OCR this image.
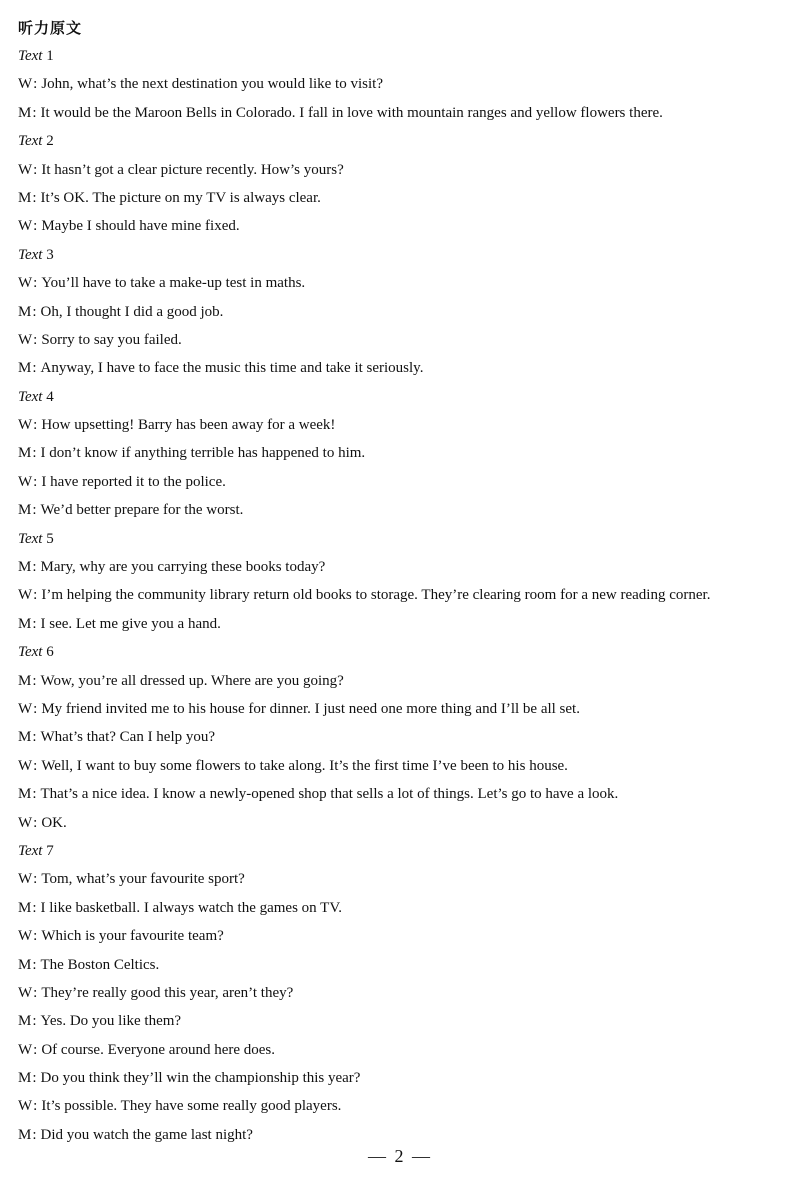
听力原文
Text 1
W: John, what’s the next destination you would like to visit?
M: It would be the Maroon Bells in Colorado. I fall in love with mountain ranges and yellow flowers there.
Text 2
W: It hasn’t got a clear picture recently. How’s yours?
M: It’s OK. The picture on my TV is always clear.
W: Maybe I should have mine fixed.
Text 3
W: You’ll have to take a make-up test in maths.
M: Oh, I thought I did a good job.
W: Sorry to say you failed.
M: Anyway, I have to face the music this time and take it seriously.
Text 4
W: How upsetting! Barry has been away for a week!
M: I don’t know if anything terrible has happened to him.
W: I have reported it to the police.
M: We’d better prepare for the worst.
Text 5
M: Mary, why are you carrying these books today?
W: I’m helping the community library return old books to storage. They’re clearing room for a new reading corner.
M: I see. Let me give you a hand.
Text 6
M: Wow, you’re all dressed up. Where are you going?
W: My friend invited me to his house for dinner. I just need one more thing and I’ll be all set.
M: What’s that? Can I help you?
W: Well, I want to buy some flowers to take along. It’s the first time I’ve been to his house.
M: That’s a nice idea. I know a newly-opened shop that sells a lot of things. Let’s go to have a look.
W: OK.
Text 7
W: Tom, what’s your favourite sport?
M: I like basketball. I always watch the games on TV.
W: Which is your favourite team?
M: The Boston Celtics.
W: They’re really good this year, aren’t they?
M: Yes. Do you like them?
W: Of course. Everyone around here does.
M: Do you think they’ll win the championship this year?
W: It’s possible. They have some really good players.
M: Did you watch the game last night?
— 2 —
